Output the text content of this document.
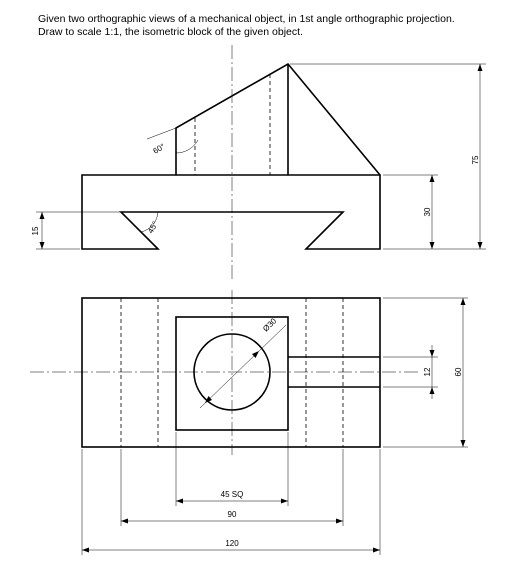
Given two orthographic views of a mechanical object, in 1st angle orthographic projection.
Draw to scale 1:1, the isometric block of the given object.
60°
45°
75
30
15
Ø30
12	60
45 SQ
90
120
